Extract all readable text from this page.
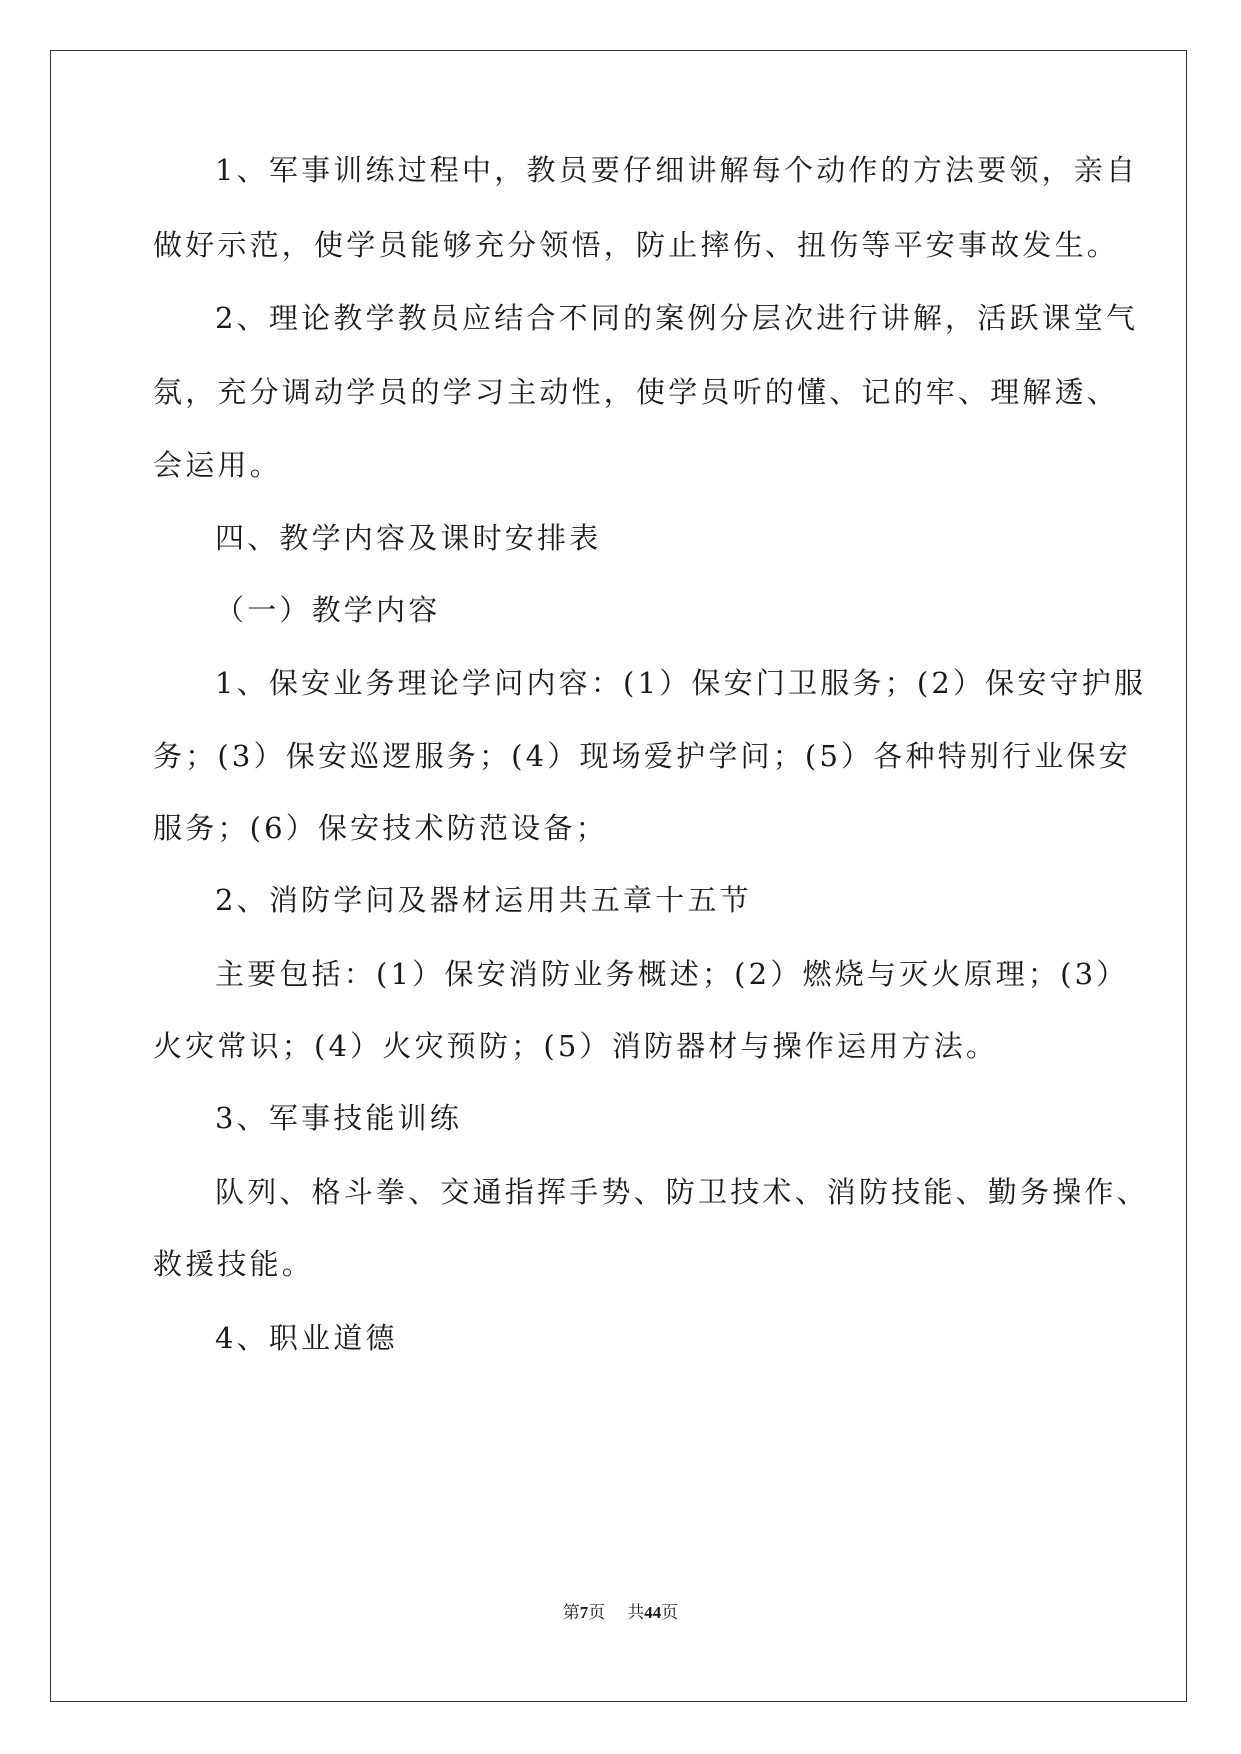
1、军事训练过程中，教员要仔细讲解每个动作的方法要领，亲自
做好示范，使学员能够充分领悟，防止摔伤、扭伤等平安事故发生。
2、理论教学教员应结合不同的案例分层次进行讲解，活跃课堂气
氛，充分调动学员的学习主动性，使学员听的懂、记的牢、理解透、
会运用。
四、教学内容及课时安排表
（一）教学内容
1、保安业务理论学问内容：(1）保安门卫服务；(2）保安守护服
务；(3）保安巡逻服务；(4）现场爱护学问；(5）各种特别行业保安
服务；(6）保安技术防范设备；
2、消防学问及器材运用共五章十五节
主要包括：(1）保安消防业务概述；(2）燃烧与灭火原理；(3）
火灾常识；(4）火灾预防；(5）消防器材与操作运用方法。
3、军事技能训练
队列、格斗拳、交通指挥手势、防卫技术、消防技能、勤务操作、
救援技能。
4、职业道德
第7页 共44页
